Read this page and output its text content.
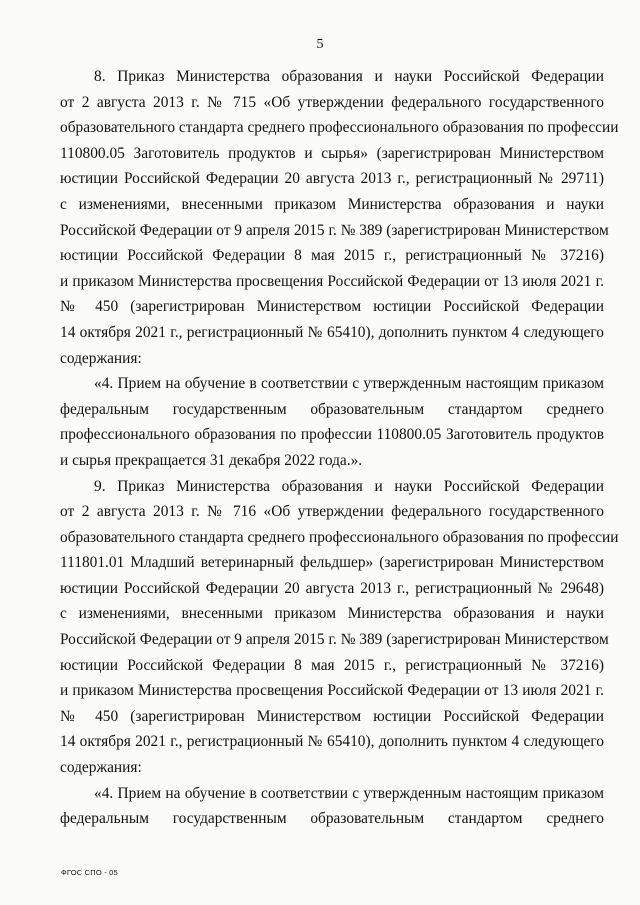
5
8. Приказ Министерства образования и науки Российской Федерации
от 2 августа 2013 г. № 715 «Об утверждении федерального государственного
образовательного стандарта среднего профессионального образования по профессии
110800.05 Заготовитель продуктов и сырья» (зарегистрирован Министерством
юстиции Российской Федерации 20 августа 2013 г., регистрационный № 29711)
с изменениями, внесенными приказом Министерства образования и науки
Российской Федерации от 9 апреля 2015 г. № 389 (зарегистрирован Министерством
юстиции Российской Федерации 8 мая 2015 г., регистрационный № 37216)
и приказом Министерства просвещения Российской Федерации от 13 июля 2021 г.
№ 450 (зарегистрирован Министерством юстиции Российской Федерации
14 октября 2021 г., регистрационный № 65410), дополнить пунктом 4 следующего
содержания:
«4. Прием на обучение в соответствии с утвержденным настоящим приказом
федеральным государственным образовательным стандартом среднего
профессионального образования по профессии 110800.05 Заготовитель продуктов
и сырья прекращается 31 декабря 2022 года.».
9. Приказ Министерства образования и науки Российской Федерации
от 2 августа 2013 г. № 716 «Об утверждении федерального государственного
образовательного стандарта среднего профессионального образования по профессии
111801.01 Младший ветеринарный фельдшер» (зарегистрирован Министерством
юстиции Российской Федерации 20 августа 2013 г., регистрационный № 29648)
с изменениями, внесенными приказом Министерства образования и науки
Российской Федерации от 9 апреля 2015 г. № 389 (зарегистрирован Министерством
юстиции Российской Федерации 8 мая 2015 г., регистрационный № 37216)
и приказом Министерства просвещения Российской Федерации от 13 июля 2021 г.
№ 450 (зарегистрирован Министерством юстиции Российской Федерации
14 октября 2021 г., регистрационный № 65410), дополнить пунктом 4 следующего
содержания:
«4. Прием на обучение в соответствии с утвержденным настоящим приказом
федеральным государственным образовательным стандартом среднего
ФГОС СПО - 05
